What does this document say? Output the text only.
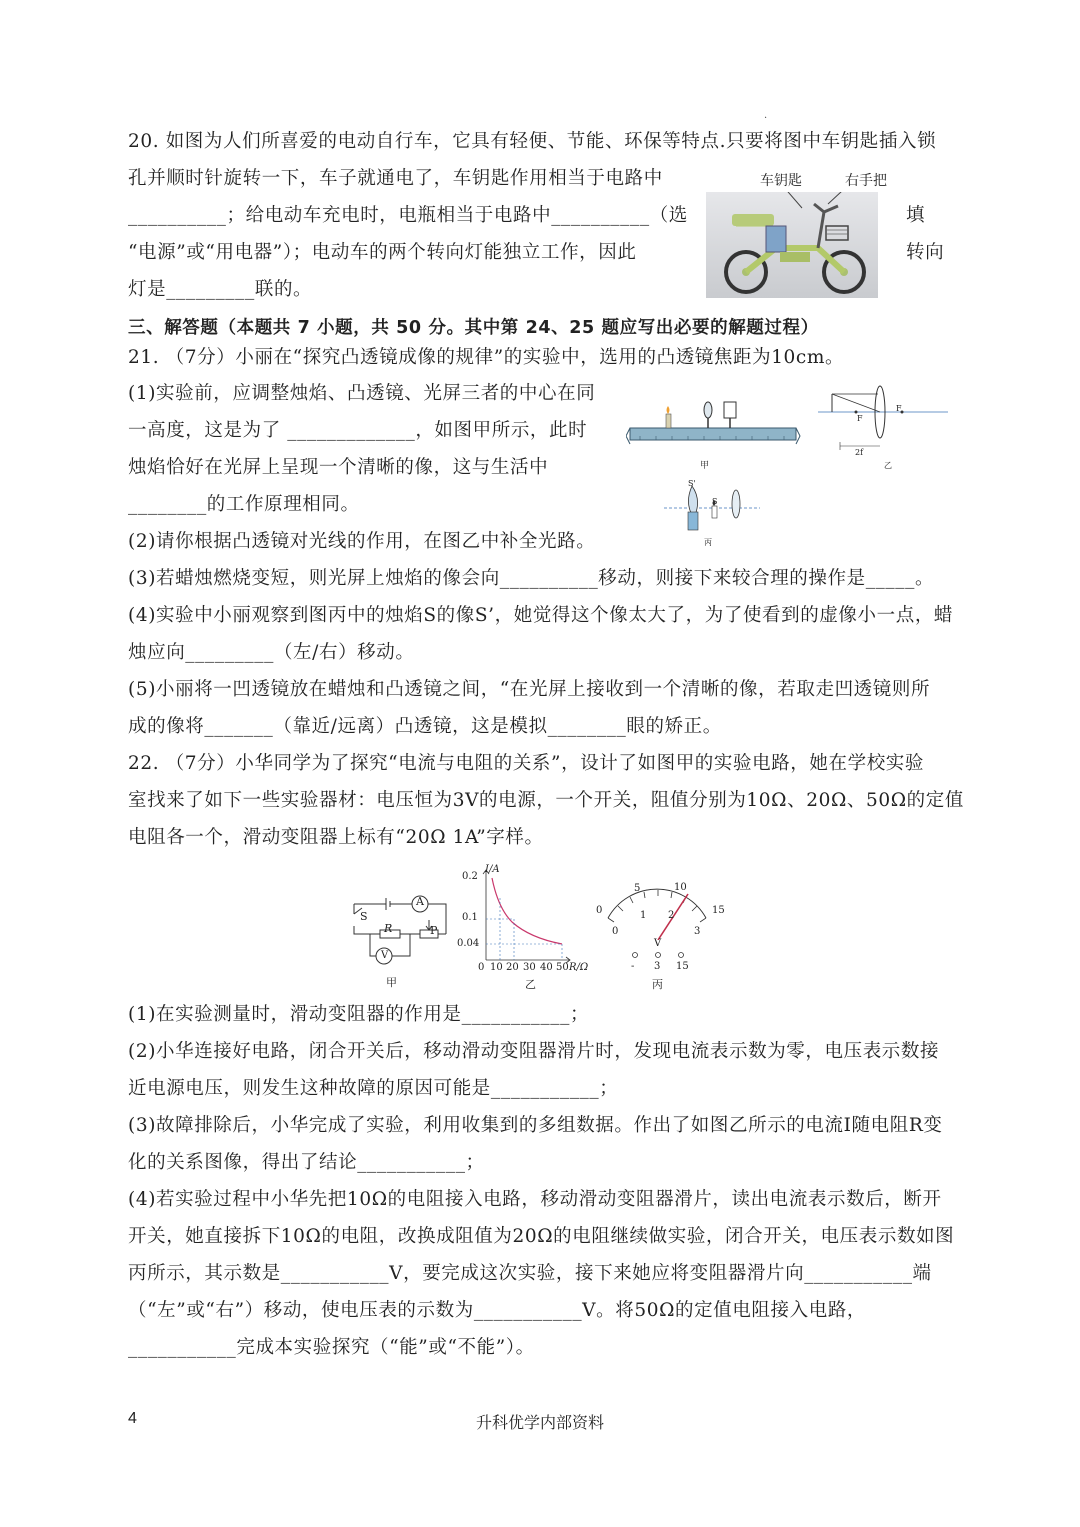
·
20. 如图为人们所喜爱的电动自行车，它具有轻便、节能、环保等特点.只要将图中车钥匙插入锁
孔并顺时针旋转一下，车子就通电了，车钥匙作用相当于电路中
__________；给电动车充电时，电瓶相当于电路中__________（选	填
“电源”或“用电器”）；电动车的两个转向灯能独立工作，因此	转向
灯是_________联的。
车钥匙	右手把
三、解答题（本题共 7 小题，共 50 分。其中第 24、25 题应写出必要的解题过程）
21. （7分）小丽在“探究凸透镜成像的规律”的实验中，选用的凸透镜焦距为10cm。
(1)实验前，应调整烛焰、凸透镜、光屏三者的中心在同
一高度，这是为了 _____________，如图甲所示，此时
烛焰恰好在光屏上呈现一个清晰的像，这与生活中
________的工作原理相同。
(2)请你根据凸透镜对光线的作用，在图乙中补全光路。
(3)若蜡烛燃烧变短，则光屏上烛焰的像会向__________移动，则接下来较合理的操作是_____。
(4)实验中小丽观察到图丙中的烛焰S的像S’，她觉得这个像太大了，为了使看到的虚像小一点，蜡
烛应向_________（左/右）移动。
(5)小丽将一凹透镜放在蜡烛和凸透镜之间，“在光屏上接收到一个清晰的像，若取走凹透镜则所
成的像将_______（靠近/远离）凸透镜，这是模拟________眼的矫正。
甲
F
F
2f
乙
S'
S
丙
22. （7分）小华同学为了探究“电流与电阻的关系”，设计了如图甲的实验电路，她在学校实验
室找来了如下一些实验器材：电压恒为3V的电源，一个开关，阻值分别为10Ω、20Ω、50Ω的定值
电阻各一个，滑动变阻器上标有“20Ω 1A”字样。
A
S
R	P
V
甲
I/A
0.2
0.1
0.04
0 10 20 30 40 50 R/Ω
乙
0
5	10
15
0
1 2
3
V
- 3 15
丙
(1)在实验测量时，滑动变阻器的作用是___________；
(2)小华连接好电路，闭合开关后，移动滑动变阻器滑片时，发现电流表示数为零，电压表示数接
近电源电压，则发生这种故障的原因可能是___________；
(3)故障排除后，小华完成了实验，利用收集到的多组数据。作出了如图乙所示的电流I随电阻R变
化的关系图像，得出了结论___________；
(4)若实验过程中小华先把10Ω的电阻接入电路，移动滑动变阻器滑片，读出电流表示数后，断开
开关，她直接拆下10Ω的电阻，改换成阻值为20Ω的电阻继续做实验，闭合开关，电压表示数如图
丙所示，其示数是___________V，要完成这次实验，接下来她应将变阻器滑片向___________端
（“左”或“右”）移动，使电压表的示数为___________V。将50Ω的定值电阻接入电路，
___________完成本实验探究（“能”或“不能”）。
4	升科优学内部资料
